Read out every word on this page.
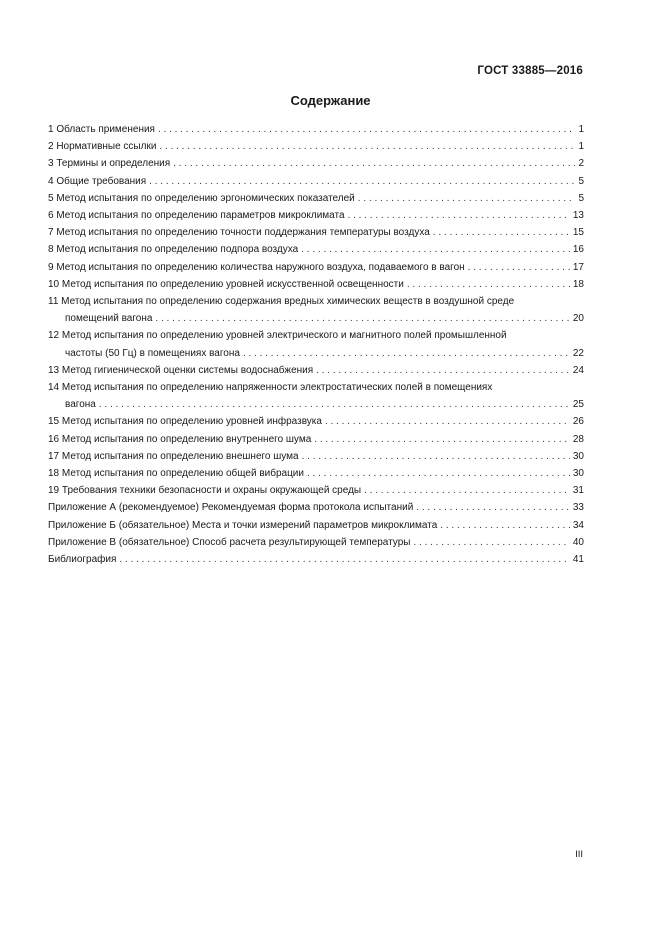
ГОСТ 33885—2016
Содержание
1 Область применения . . .	1
2 Нормативные ссылки . . .	1
3 Термины и определения . . .	2
4 Общие требования . . .	5
5 Метод испытания по определению эргономических показателей . . .	5
6 Метод испытания по определению параметров микроклимата . . .	13
7 Метод испытания по определению точности поддержания температуры воздуха . . .	15
8 Метод испытания по определению подпора воздуха . . .	16
9 Метод испытания по определению количества наружного воздуха, подаваемого в вагон . . .	17
10 Метод испытания по определению уровней искусственной освещенности . . .	18
11 Метод испытания по определению содержания вредных химических веществ в воздушной среде
помещений вагона . . .	20
12 Метод испытания по определению уровней электрического и магнитного полей промышленной
частоты (50 Гц) в помещениях вагона . . .	22
13 Метод гигиенической оценки системы водоснабжения . . .	24
14 Метод испытания по определению напряженности электростатических полей в помещениях
вагона . . .	25
15 Метод испытания по определению уровней инфразвука . . .	26
16 Метод испытания по определению внутреннего шума . . .	28
17 Метод испытания по определению внешнего шума . . .	30
18 Метод испытания по определению общей вибрации . . .	30
19 Требования техники безопасности и охраны окружающей среды . . .	31
Приложение А (рекомендуемое) Рекомендуемая форма протокола испытаний . . .	33
Приложение Б (обязательное) Места и точки измерений параметров микроклимата . . .	34
Приложение В (обязательное) Способ расчета результирующей температуры . . .	40
Библиография . . .	41
III
